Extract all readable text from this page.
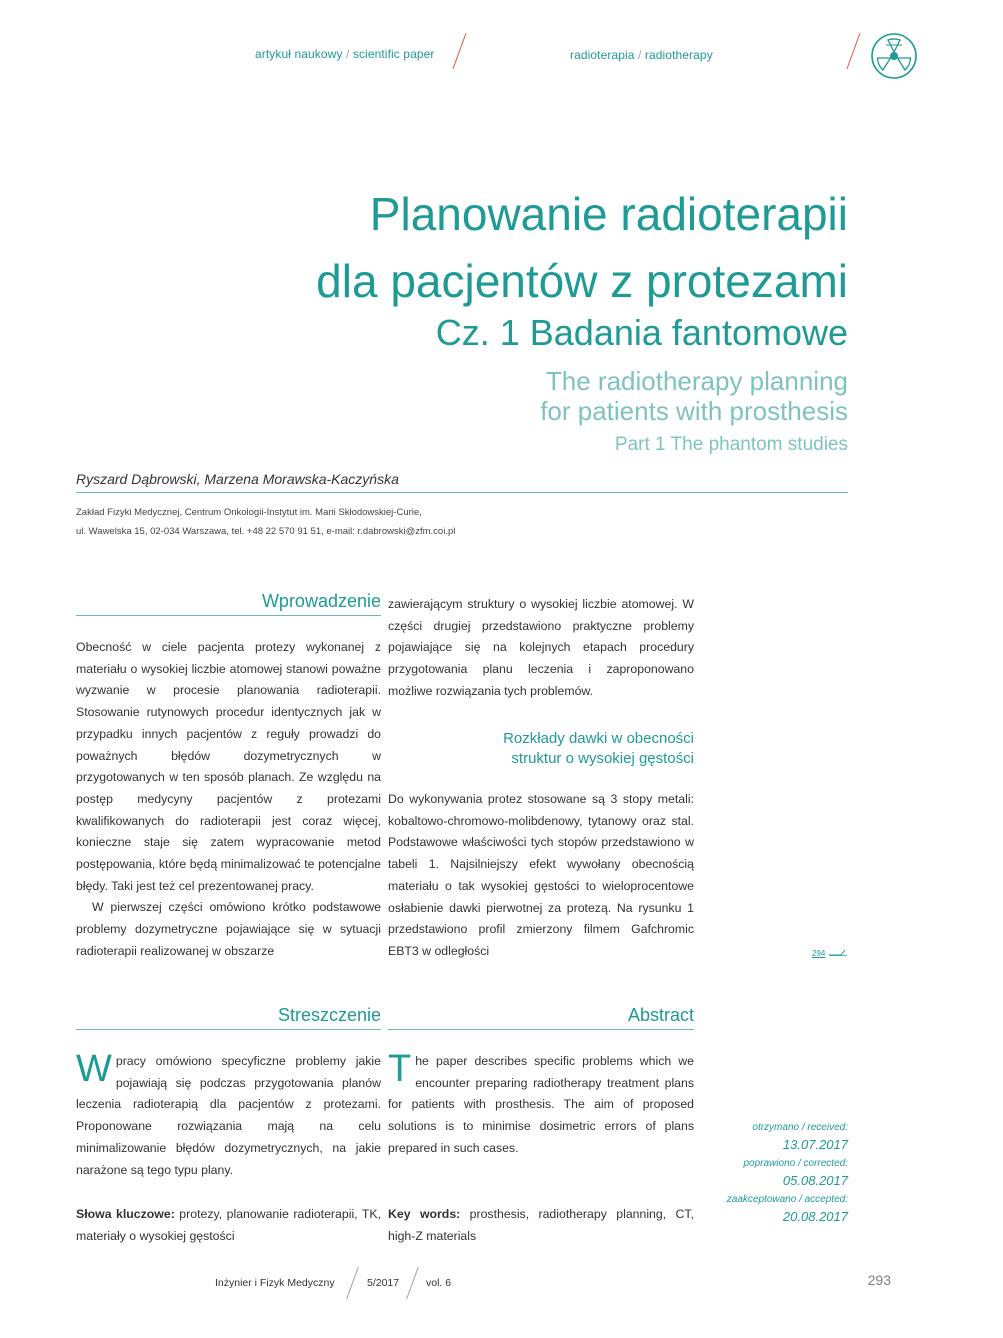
artykuł naukowy / scientific paper	radioterapia / radiotherapy
Planowanie radioterapii
dla pacjentów z protezami
Cz. 1 Badania fantomowe
The radiotherapy planning
for patients with prosthesis
Part 1 The phantom studies
Ryszard Dąbrowski, Marzena Morawska-Kaczyńska
Zakład Fizyki Medycznej, Centrum Onkologii-Instytut im. Marii Skłodowskiej-Curie,
ul. Wawelska 15, 02-034 Warszawa, tel. +48 22 570 91 51, e-mail: r.dabrowski@zfm.coi.pl
Wprowadzenie

Obecność w ciele pacjenta protezy wykonanej z materiału o wysokiej liczbie atomowej stanowi poważne wyzwanie w procesie planowania radioterapii. Stosowanie rutynowych procedur identycznych jak w przypadku innych pacjentów z reguły prowadzi do poważnych błędów dozymetrycznych w przygotowanych w ten sposób planach. Ze względu na postęp medycyny pacjentów z protezami kwalifikowanych do radioterapii jest coraz więcej, konieczne staje się zatem wypracowanie metod postępowania, które będą minimalizować te potencjalne błędy. Taki jest też cel prezentowanej pracy.

W pierwszej części omówiono krótko podstawowe problemy dozymetryczne pojawiające się w sytuacji radioterapii realizowanej w obszarze

zawierającym struktury o wysokiej liczbie atomowej. W części drugiej przedstawiono praktyczne problemy pojawiające się na kolejnych etapach procedury przygotowania planu leczenia i zaproponowano możliwe rozwiązania tych problemów.

Rozkłady dawki w obecności
struktur o wysokiej gęstości

Do wykonywania protez stosowane są 3 stopy metali: kobaltowo-chromowo-molibdenowy, tytanowy oraz stal. Podstawowe właściwości tych stopów przedstawiono w tabeli 1. Najsilniejszy efekt wywołany obecnością materiału o tak wysokiej gęstości to wieloprocentowe osłabienie dawki pierwotnej za protezą. Na rysunku 1 przedstawiono profil zmierzony filmem Gafchromic EBT3 w odległości	294
Streszczenie	Abstract

Wpracy omówiono specyficzne problemy jakie pojawiają się podczas przygotowania planów leczenia radioterapią dla pacjentów z protezami. Proponowane rozwiązania mają na celu minimalizowanie błędów dozymetrycznych, na jakie narażone są tego typu plany.

Słowa kluczowe: protezy, planowanie radioterapii, TK, materiały o wysokiej gęstości

The paper describes specific problems which we encounter preparing radiotherapy treatment plans for patients with prosthesis. The aim of proposed solutions is to minimise dosimetric errors of plans prepared in such cases.

Key words: prosthesis, radiotherapy planning, CT, high-Z materials

otrzymano / received:
13.07.2017
poprawiono / corrected:
05.08.2017
zaakceptowano / accepted:
20.08.2017
Inżynier i Fizyk Medyczny	5/2017	vol. 6	293
